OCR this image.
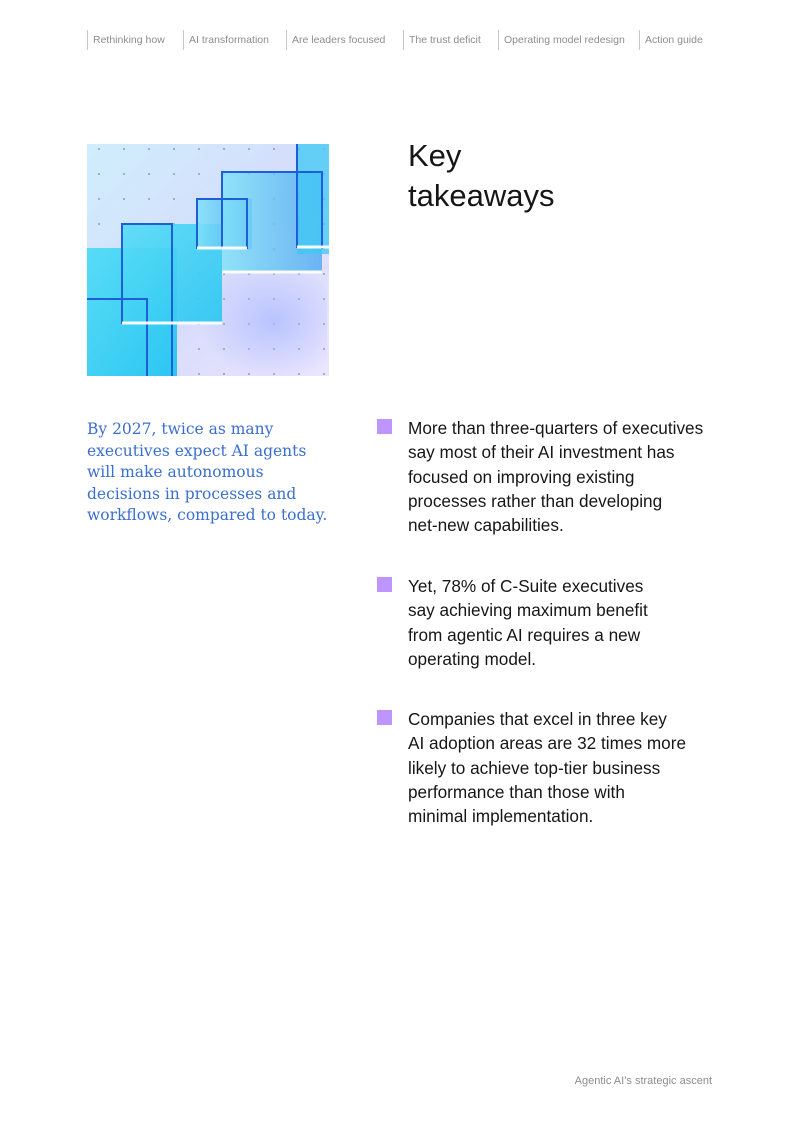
Rethinking how	AI transformation	Are leaders focused	The trust deficit	Operating model redesign	Action guide
Key
takeaways
By 2027, twice as many
executives expect AI agents
will make autonomous
decisions in processes and
workflows, compared to today.
More than three-quarters of executives
say most of their AI investment has
focused on improving existing
processes rather than developing
net-new capabilities.
Yet, 78% of C-Suite executives
say achieving maximum benefit
from agentic AI requires a new
operating model.
Companies that excel in three key
AI adoption areas are 32 times more
likely to achieve top-tier business
performance than those with
minimal implementation.
Agentic AI’s strategic ascent
